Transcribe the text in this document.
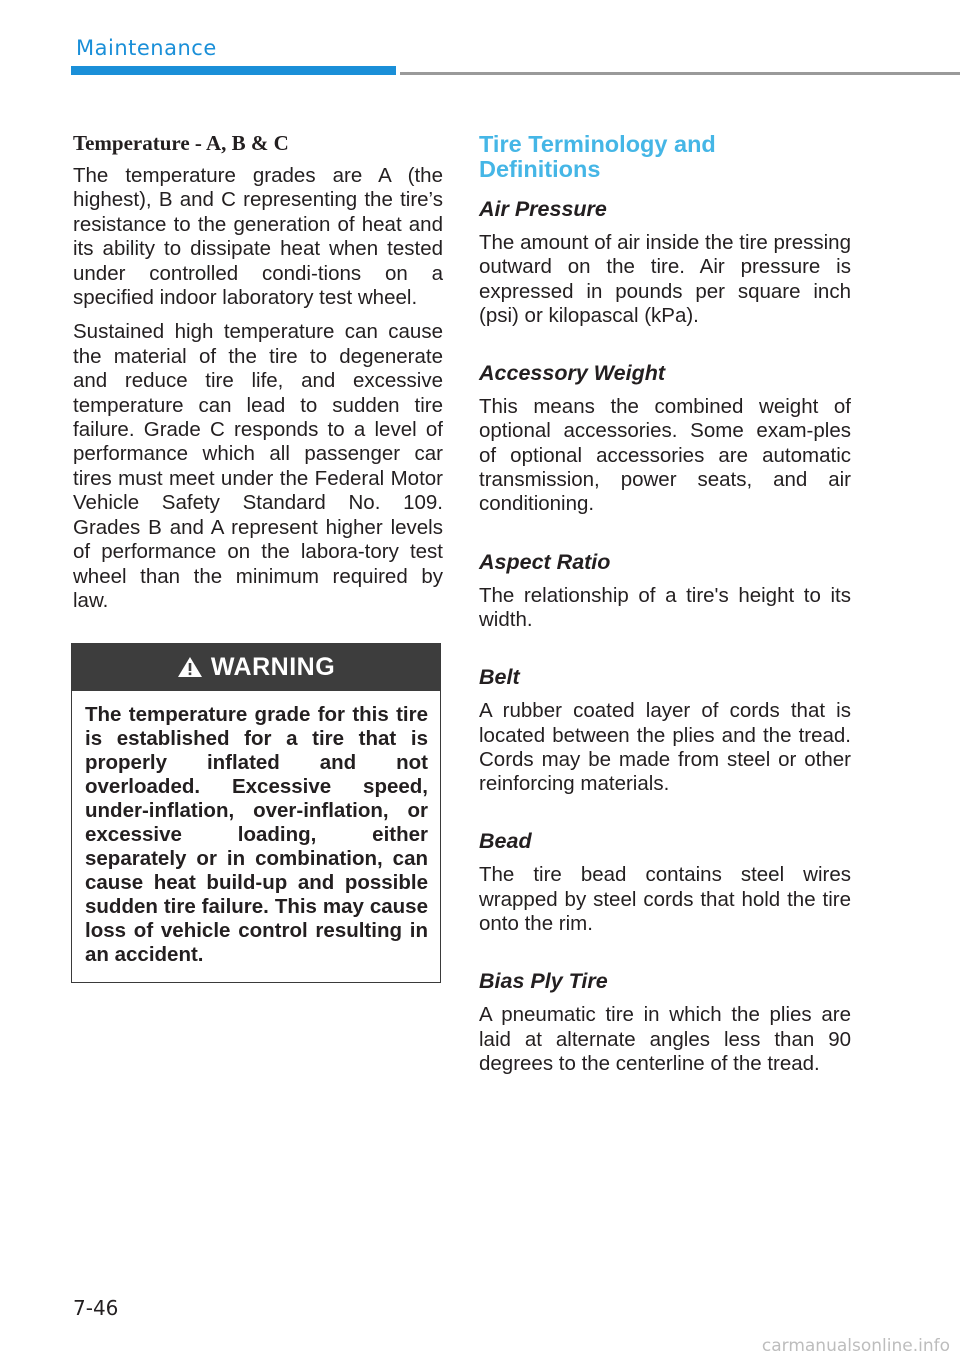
Maintenance
Temperature - A, B & C

The temperature grades are A (the highest), B and C representing the tire’s resistance to the generation of heat and its ability to dissipate heat when tested under controlled condi-tions on a specified indoor laboratory test wheel.

Sustained high temperature can cause the material of the tire to degenerate and reduce tire life, and excessive temperature can lead to sudden tire failure. Grade C responds to a level of performance which all passenger car tires must meet under the Federal Motor Vehicle Safety Standard No. 109. Grades B and A represent higher levels of performance on the labora-tory test wheel than the minimum required by law.

WARNING
The temperature grade for this tire is established for a tire that is properly inflated and not overloaded. Excessive speed, under-inflation, over-inflation, or excessive loading, either separately or in combination, can cause heat build-up and possible sudden tire failure. This may cause loss of vehicle control resulting in an accident.
Tire Terminology and
Definitions
Air Pressure

The amount of air inside the tire pressing outward on the tire. Air pressure is expressed in pounds per square inch (psi) or kilopascal (kPa).

Accessory Weight

This means the combined weight of optional accessories. Some exam-ples of optional accessories are automatic transmission, power seats, and air conditioning.

Aspect Ratio

The relationship of a tire's height to its width.

Belt

A rubber coated layer of cords that is located between the plies and the tread. Cords may be made from steel or other reinforcing materials.

Bead

The tire bead contains steel wires wrapped by steel cords that hold the tire onto the rim.

Bias Ply Tire

A pneumatic tire in which the plies are laid at alternate angles less than 90 degrees to the centerline of the tread.

7-46
carmanualsonline.info
